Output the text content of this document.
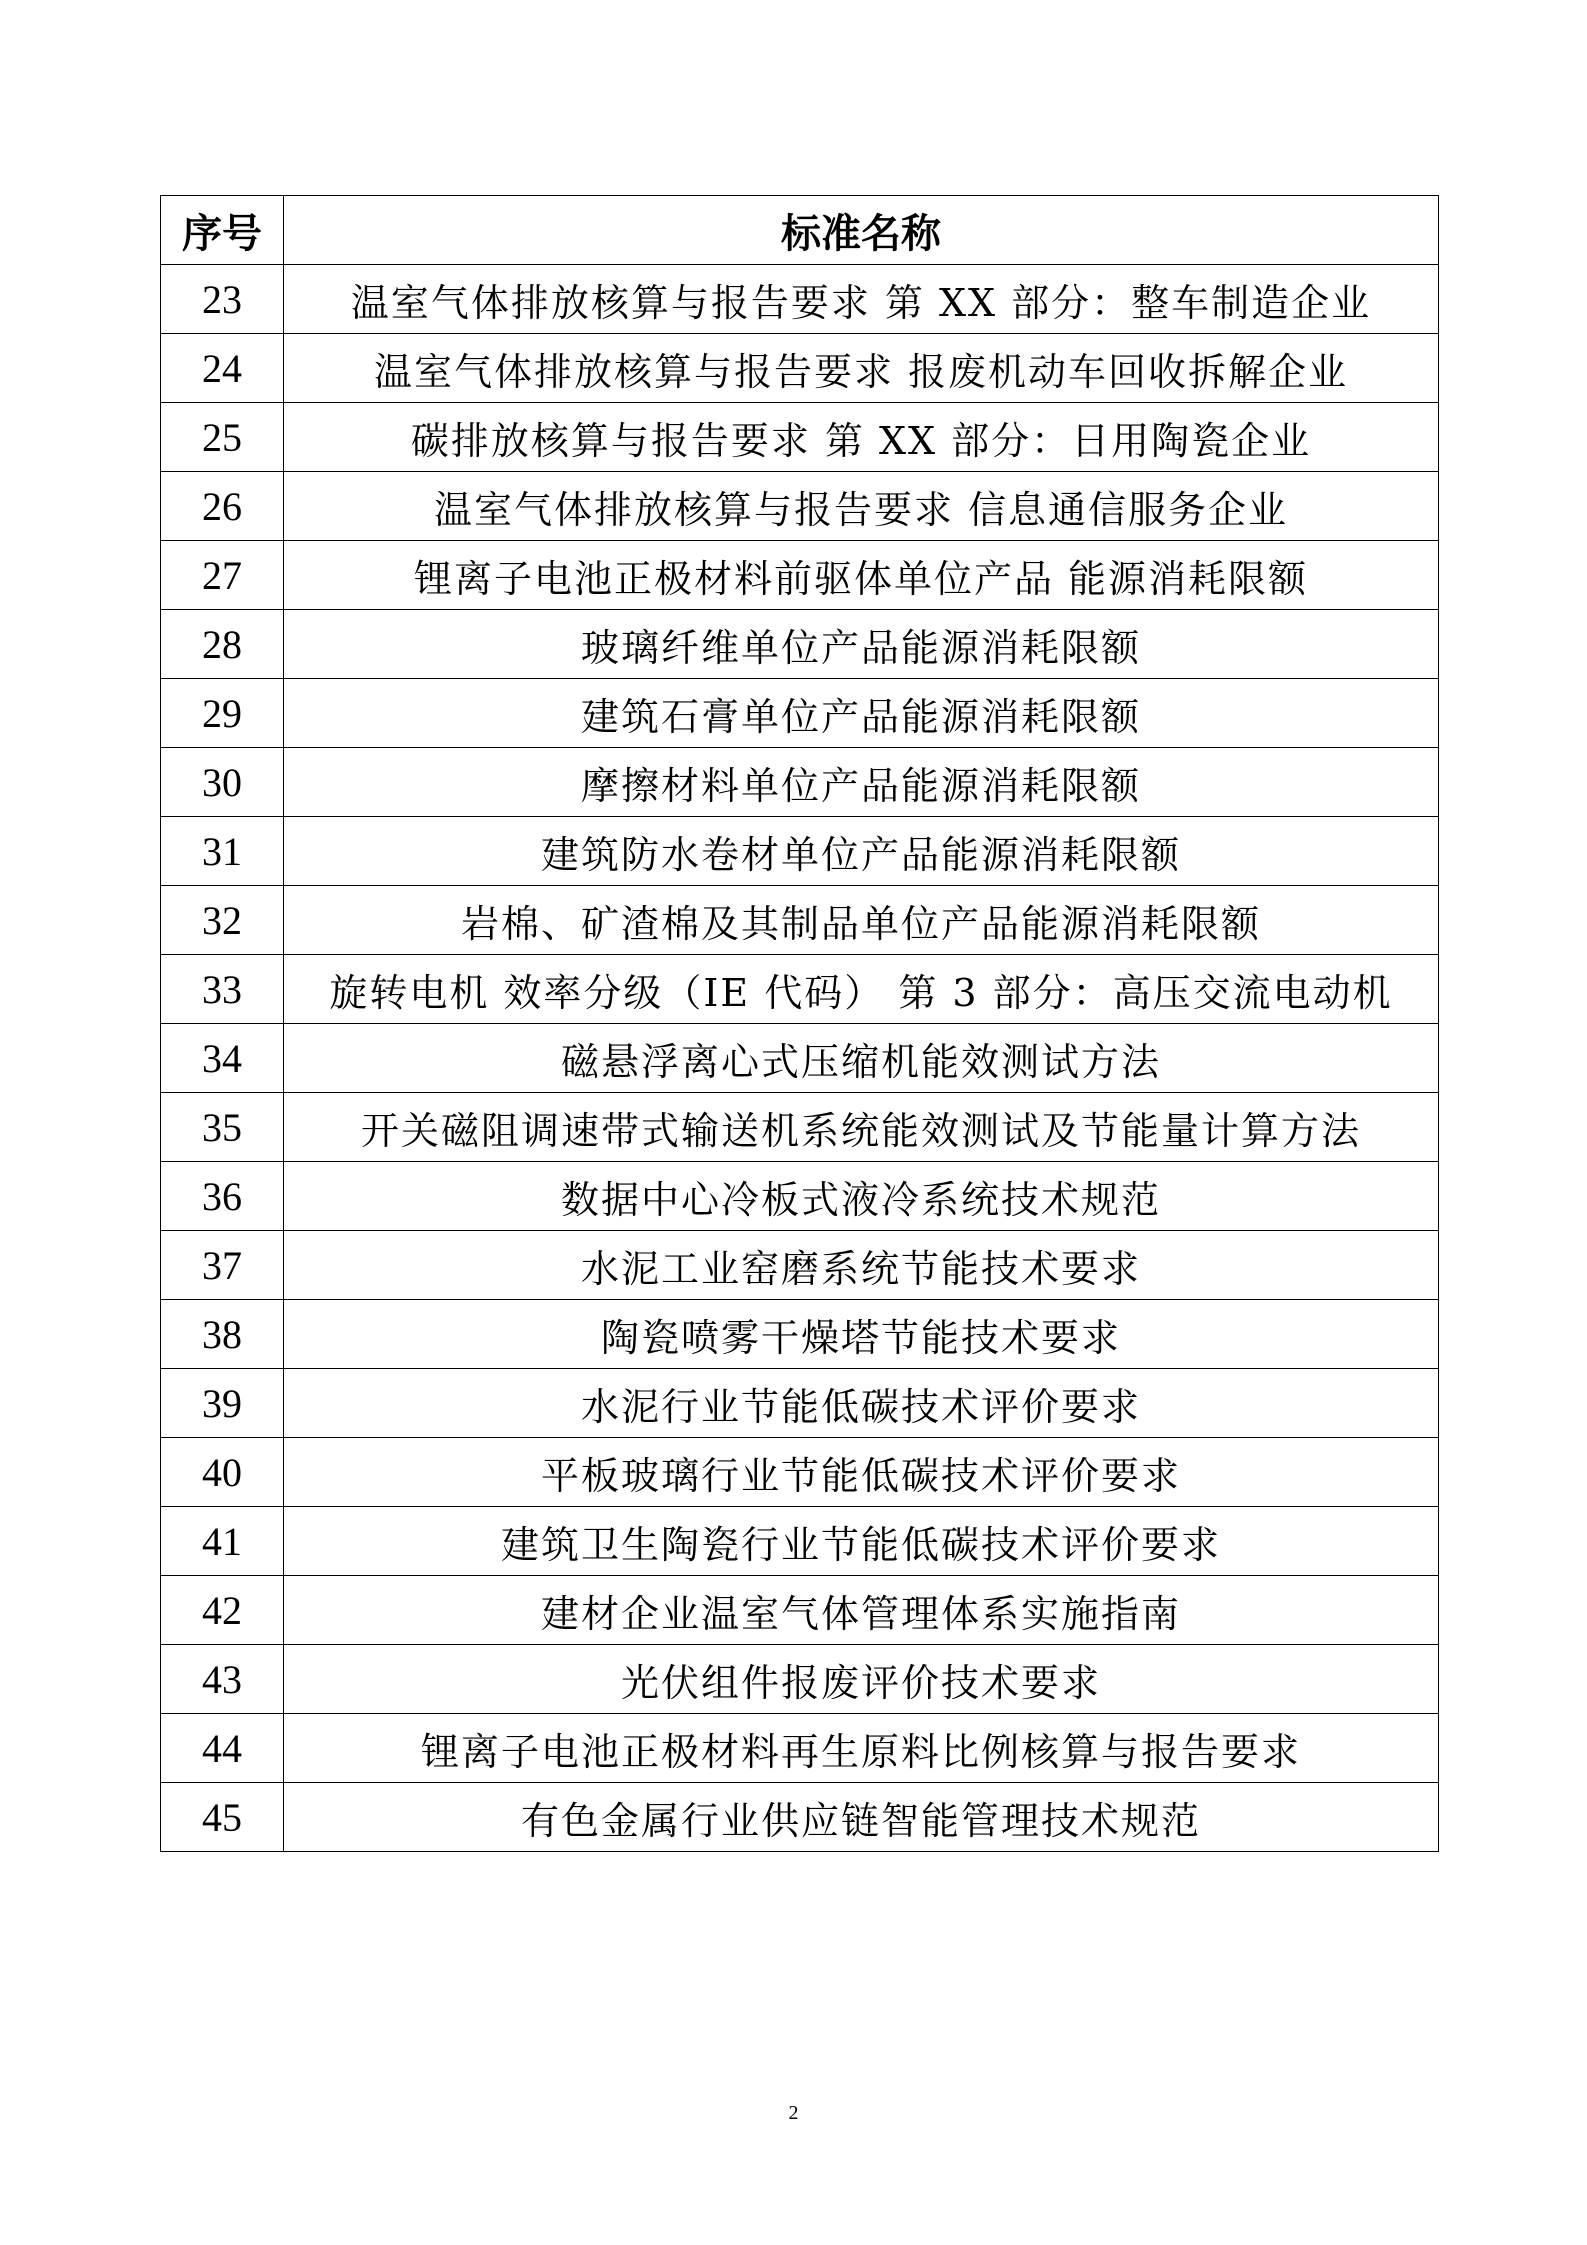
序号	标准名称
23	温室气体排放核算与报告要求 第 XX 部分：整车制造企业
24	温室气体排放核算与报告要求 报废机动车回收拆解企业
25	碳排放核算与报告要求 第 XX 部分：日用陶瓷企业
26	温室气体排放核算与报告要求 信息通信服务企业
27	锂离子电池正极材料前驱体单位产品 能源消耗限额
28	玻璃纤维单位产品能源消耗限额
29	建筑石膏单位产品能源消耗限额
30	摩擦材料单位产品能源消耗限额
31	建筑防水卷材单位产品能源消耗限额
32	岩棉、矿渣棉及其制品单位产品能源消耗限额
33	旋转电机 效率分级（IE 代码） 第 3 部分：高压交流电动机
34	磁悬浮离心式压缩机能效测试方法
35	开关磁阻调速带式输送机系统能效测试及节能量计算方法
36	数据中心冷板式液冷系统技术规范
37	水泥工业窑磨系统节能技术要求
38	陶瓷喷雾干燥塔节能技术要求
39	水泥行业节能低碳技术评价要求
40	平板玻璃行业节能低碳技术评价要求
41	建筑卫生陶瓷行业节能低碳技术评价要求
42	建材企业温室气体管理体系实施指南
43	光伏组件报废评价技术要求
44	锂离子电池正极材料再生原料比例核算与报告要求
45	有色金属行业供应链智能管理技术规范
2
